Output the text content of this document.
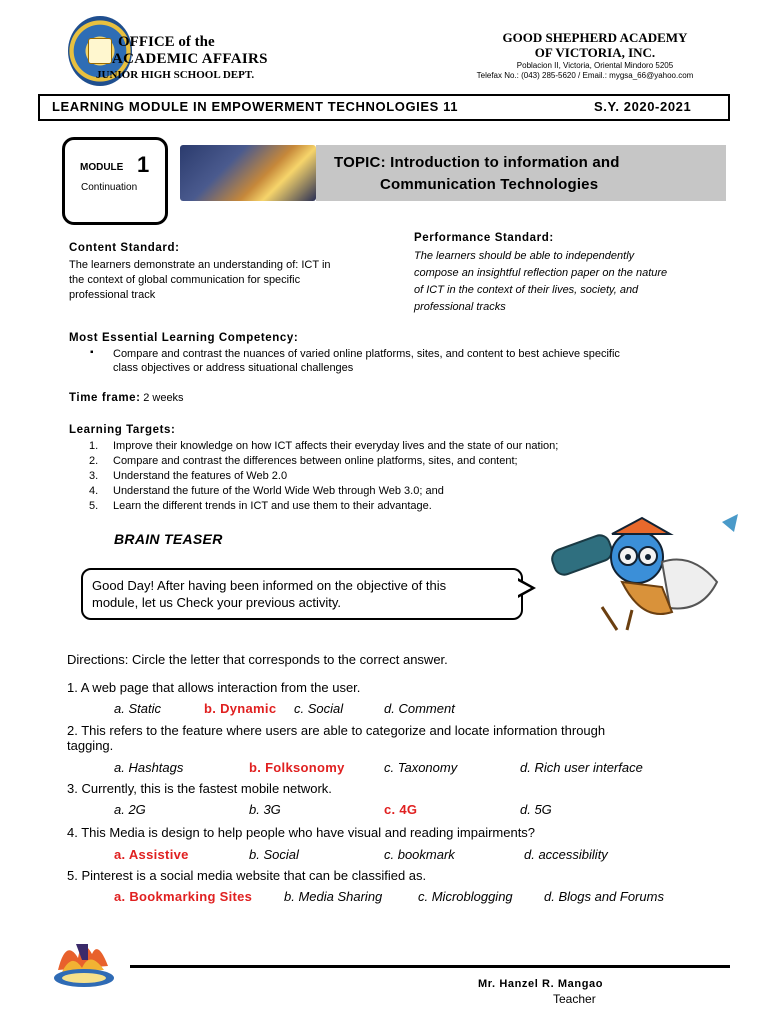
OFFICE of the
ACADEMIC AFFAIRS
JUNIOR HIGH SCHOOL DEPT.
GOOD SHEPHERD ACADEMY
OF VICTORIA, INC.
Poblacion II, Victoria, Oriental Mindoro 5205
Telefax No.: (043) 285-5620 / Email.: mygsa_66@yahoo.com
LEARNING MODULE IN EMPOWERMENT TECHNOLOGIES 11	S.Y. 2020-2021
MODULE 1
Continuation
TOPIC: Introduction to information and
Communication Technologies
Content Standard:
The learners demonstrate an understanding of: ICT in
the context of global communication for specific
professional track
Performance Standard:
The learners should be able to independently
compose an insightful reflection paper on the nature
of ICT in the context of their lives, society, and
professional tracks
Most Essential Learning Competency:
▪ Compare and contrast the nuances of varied online platforms, sites, and content to best achieve specific
class objectives or address situational challenges
Time frame: 2 weeks
Learning Targets:
1. Improve their knowledge on how ICT affects their everyday lives and the state of our nation;
2. Compare and contrast the differences between online platforms, sites, and content;
3. Understand the features of Web 2.0
4. Understand the future of the World Wide Web through Web 3.0; and
5. Learn the different trends in ICT and use them to their advantage.
BRAIN TEASER
Good Day! After having been informed on the objective of this
module, let us Check your previous activity.
Directions: Circle the letter that corresponds to the correct answer.
1. A web page that allows interaction from the user.
a. Static	b. Dynamic c. Social	d. Comment
2. This refers to the feature where users are able to categorize and locate information through
tagging.
a. Hashtags	b. Folksonomy	c. Taxonomy	d. Rich user interface
3. Currently, this is the fastest mobile network.
a. 2G	b. 3G	c. 4G	d. 5G
4. This Media is design to help people who have visual and reading impairments?
a. Assistive	b. Social	c. bookmark	d. accessibility
5. Pinterest is a social media website that can be classified as.
a. Bookmarking Sites b. Media Sharing	c. Microblogging d. Blogs and Forums
Mr. Hanzel R. Mangao
Teacher
